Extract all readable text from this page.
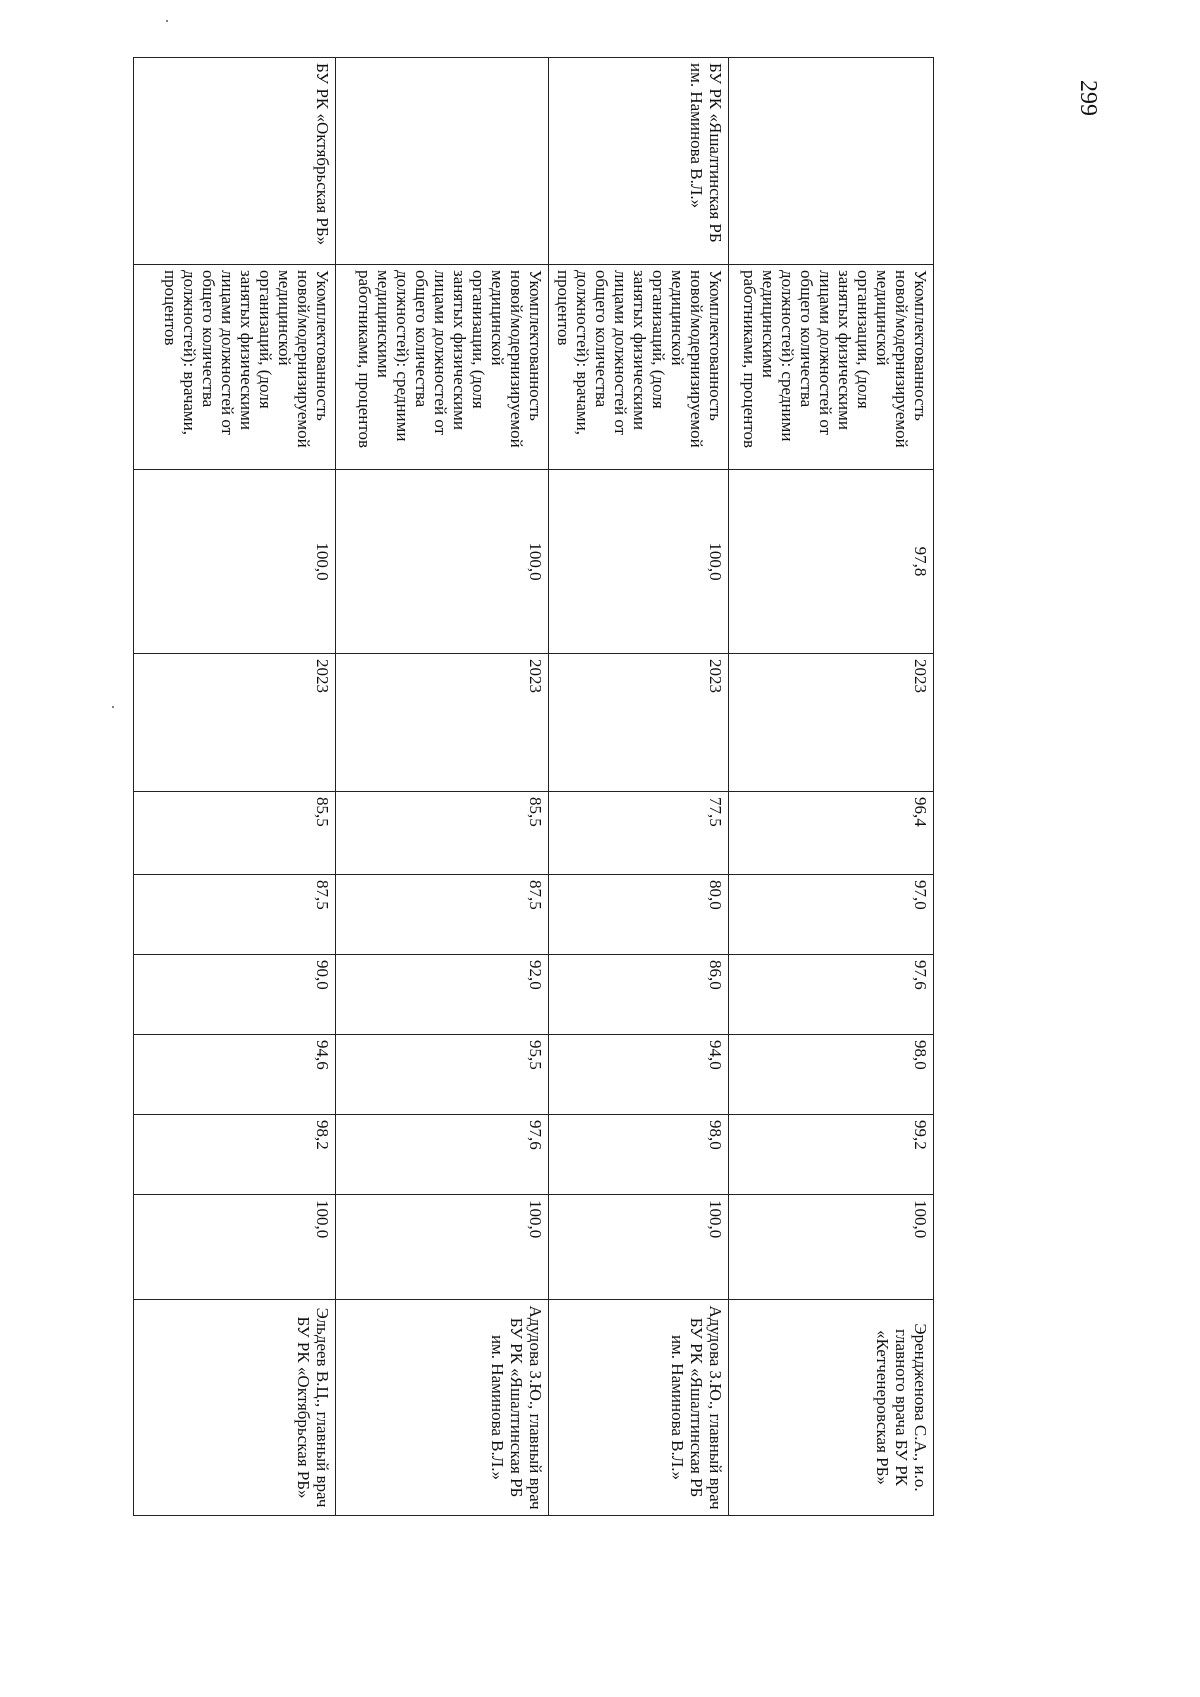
299
	Укомплектованность новой/модернизируемой медицинской организации, (доля занятых физическими лицами должностей от общего количества должностей): средними медицинскими работниками, процентов	97,8	2023	96,4	97,0	97,6	98,0	99,2	100,0	Эренджeнова С.А., и.о. главного врача БУ РК «Кетченеровская РБ»
БУ РК «Яшалтинская РБ им. Наминова В.Л.»	Укомплектованность новой/модернизируемой медицинской организаций, (доля занятых физическими лицами должностей от общего количества должностей): врачами, процентов	100,0	2023	77,5	80,0	86,0	94,0	98,0	100,0	Адудова З.Ю., главный врач БУ РК «Яшалтинская РБ им. Наминова В.Л.»
	Укомплектованность новой/модернизируемой медицинской организации, (доля занятых физическими лицами должностей от общего количества должностей): средними медицинскими работниками, процентов	100,0	2023	85,5	87,5	92,0	95,5	97,6	100,0	Адудова З.Ю., главный врач БУ РК «Яшалтинская РБ им. Наминова В.Л.»
БУ РК «Октябрьская РБ»	Укомплектованность новой/модернизируемой медицинской организаций, (доля занятых физическими лицами должностей от общего количества должностей): врачами, процентов	100,0	2023	85,5	87,5	90,0	94,6	98,2	100,0	Эльдеев В.Ц., главный врач БУ РК «Октябрьская РБ»
